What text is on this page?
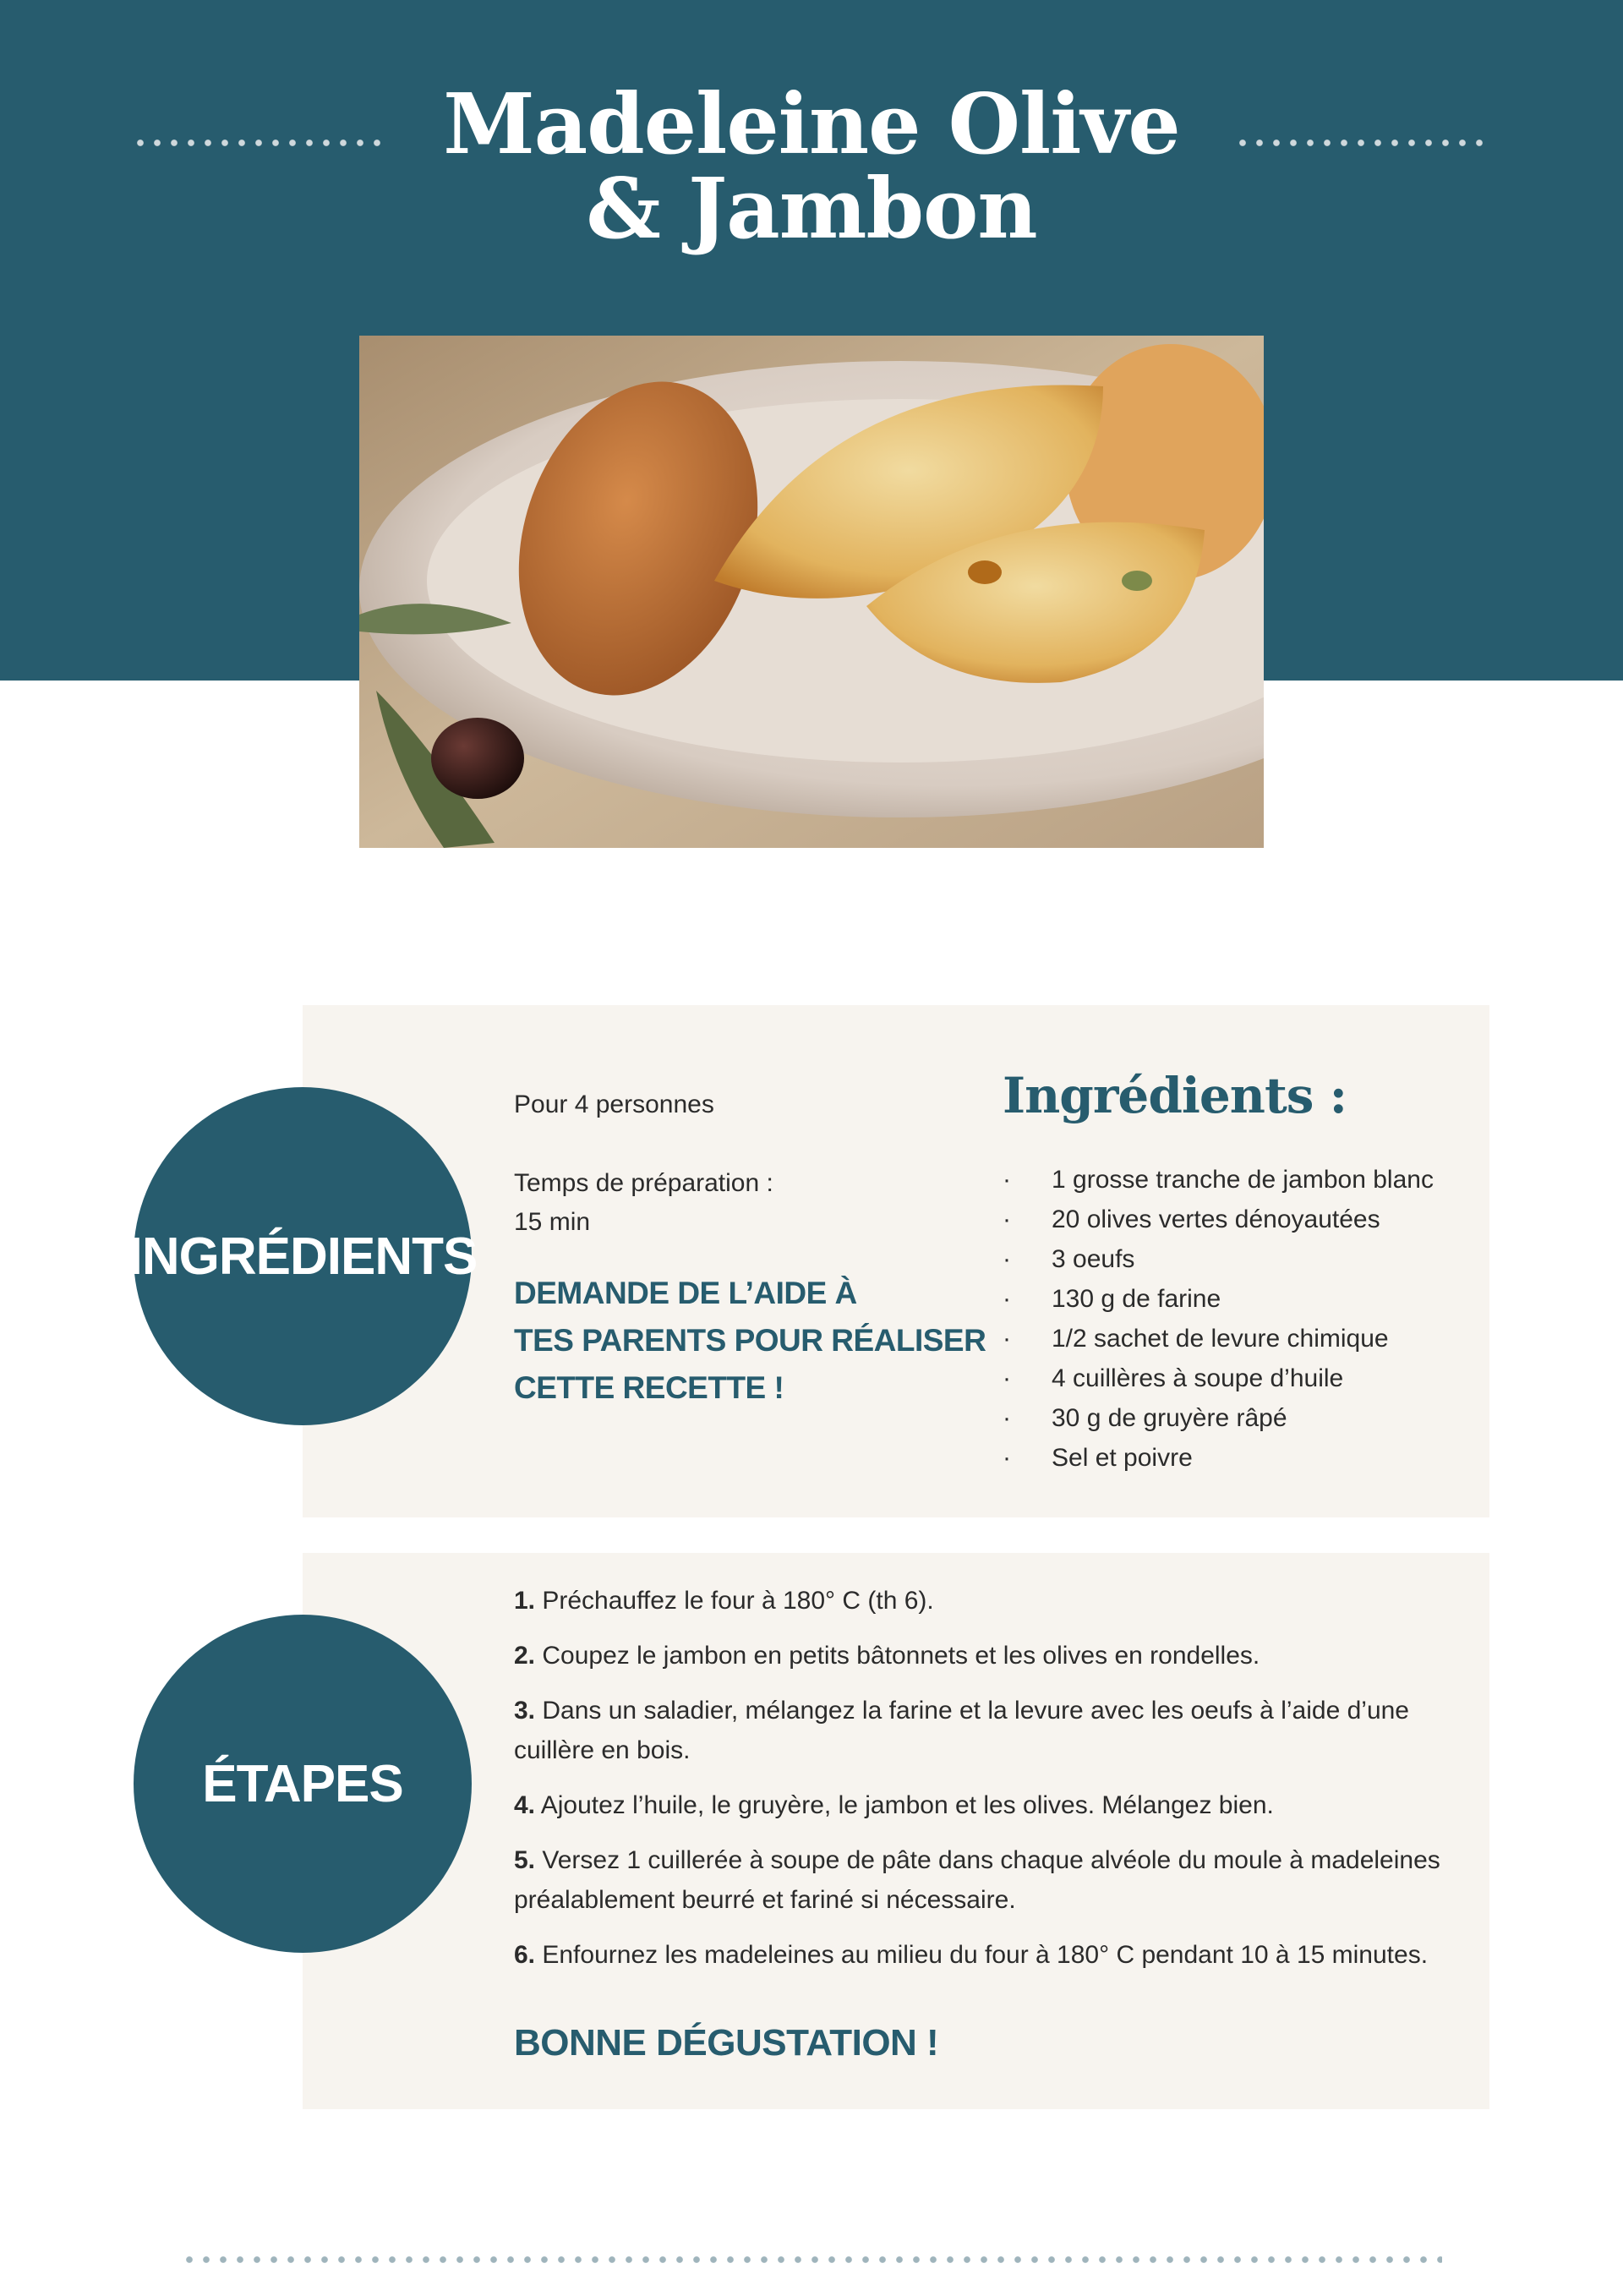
Madeleine Olive
& Jambon
INGRÉDIENTS
ÉTAPES
Pour 4 personnes
Temps de préparation :
15 min
DEMANDE DE L’AIDE À
TES PARENTS POUR RÉALISER
CETTE RECETTE !
Ingrédients :
· 1 grosse tranche de jambon blanc
· 20 olives vertes dénoyautées
· 3 oeufs
· 130 g de farine
· 1/2 sachet de levure chimique
· 4 cuillères à soupe d’huile
· 30 g de gruyère râpé
· Sel et poivre
1. Préchauffez le four à 180° C (th 6).
2. Coupez le jambon en petits bâtonnets et les olives en rondelles.
3. Dans un saladier, mélangez la farine et la levure avec les oeufs à l’aide d’une cuillère en bois.
4. Ajoutez l’huile, le gruyère, le jambon et les olives. Mélangez bien.
5. Versez 1 cuillerée à soupe de pâte dans chaque alvéole du moule à madeleines préalablement beurré et fariné si nécessaire.
6. Enfournez les madeleines au milieu du four à 180° C pendant 10 à 15 minutes.
BONNE DÉGUSTATION !
